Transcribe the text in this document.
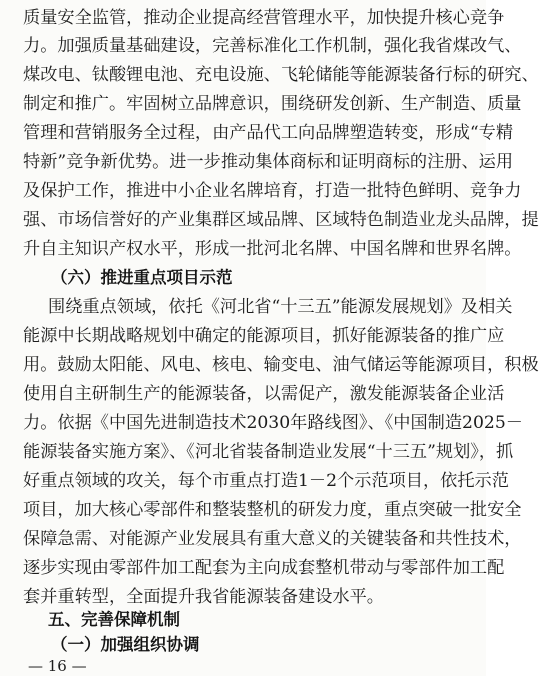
质量安全监管，推动企业提高经营管理水平，加快提升核心竞争
力。加强质量基础建设，完善标准化工作机制，强化我省煤改气、
煤改电、钛酸锂电池、充电设施、飞轮储能等能源装备行标的研究、
制定和推广。牢固树立品牌意识，围绕研发创新、生产制造、质量
管理和营销服务全过程，由产品代工向品牌塑造转变，形成“专精
特新”竞争新优势。进一步推动集体商标和证明商标的注册、运用
及保护工作，推进中小企业名牌培育，打造一批特色鲜明、竞争力
强、市场信誉好的产业集群区域品牌、区域特色制造业龙头品牌，提
升自主知识产权水平，形成一批河北名牌、中国名牌和世界名牌。
（六）推进重点项目示范
围绕重点领域，依托《河北省“十三五”能源发展规划》及相关
能源中长期战略规划中确定的能源项目，抓好能源装备的推广应
用。鼓励太阳能、风电、核电、输变电、油气储运等能源项目，积极
使用自主研制生产的能源装备，以需促产，激发能源装备企业活
力。依据《中国先进制造技术2030年路线图》、《中国制造2025－
能源装备实施方案》、《河北省装备制造业发展“十三五”规划》，抓
好重点领域的攻关，每个市重点打造1－2个示范项目，依托示范
项目，加大核心零部件和整装整机的研发力度，重点突破一批安全
保障急需、对能源产业发展具有重大意义的关键装备和共性技术，
逐步实现由零部件加工配套为主向成套整机带动与零部件加工配
套并重转型，全面提升我省能源装备建设水平。
五、完善保障机制
（一）加强组织协调
— 16 —
